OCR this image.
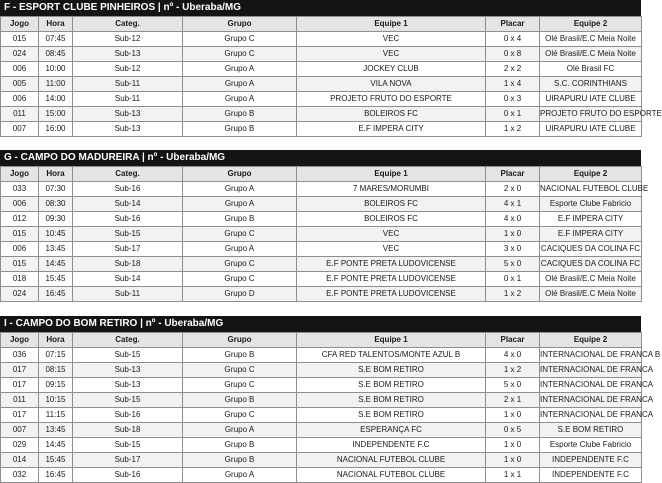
F - ESPORT CLUBE PINHEIROS | nº - Uberaba/MG
Jogo	Hora	Categ.	Grupo	Equipe 1	Placar	Equipe 2
015	07:45	Sub-12	Grupo C	VEC	0 x 4	Olé Brasil/E.C Meia Noite
024	08:45	Sub-13	Grupo C	VEC	0 x 8	Olé Brasil/E.C Meia Noite
006	10:00	Sub-12	Grupo A	JOCKEY CLUB	2 x 2	Olé Brasil FC
005	11:00	Sub-11	Grupo A	VILA NOVA	1 x 4	S.C. CORINTHIANS
006	14:00	Sub-11	Grupo A	PROJETO FRUTO DO ESPORTE	0 x 3	UIRAPURU IATE CLUBE
011	15:00	Sub-13	Grupo B	BOLEIROS FC	0 x 1	PROJETO FRUTO DO ESPORTE
007	16:00	Sub-13	Grupo B	E.F IMPERA CITY	1 x 2	UIRAPURU IATE CLUBE
G - CAMPO DO MADUREIRA | nº - Uberaba/MG
Jogo	Hora	Categ.	Grupo	Equipe 1	Placar	Equipe 2
033	07:30	Sub-16	Grupo A	7 MARES/MORUMBI	2 x 0	NACIONAL FUTEBOL CLUBE
006	08:30	Sub-14	Grupo A	BOLEIROS FC	4 x 1	Esporte Clube Fabricio
012	09:30	Sub-16	Grupo B	BOLEIROS FC	4 x 0	E.F IMPERA CITY
015	10:45	Sub-15	Grupo C	VEC	1 x 0	E.F IMPERA CITY
006	13:45	Sub-17	Grupo A	VEC	3 x 0	CACIQUES DA COLINA FC
015	14:45	Sub-18	Grupo C	E.F PONTE PRETA LUDOVICENSE	5 x 0	CACIQUES DA COLINA FC
018	15:45	Sub-14	Grupo C	E.F PONTE PRETA LUDOVICENSE	0 x 1	Olé Brasil/E.C Meia Noite
024	16:45	Sub-11	Grupo D	E.F PONTE PRETA LUDOVICENSE	1 x 2	Olé Brasil/E.C Meia Noite
I - CAMPO DO BOM RETIRO | nº - Uberaba/MG
Jogo	Hora	Categ.	Grupo	Equipe 1	Placar	Equipe 2
036	07:15	Sub-15	Grupo B	CFA RED TALENTOS/MONTE AZUL B	4 x 0	INTERNACIONAL DE FRANCA B
017	08:15	Sub-13	Grupo C	S.E BOM RETIRO	1 x 2	INTERNACIONAL DE FRANCA
017	09:15	Sub-13	Grupo C	S.E BOM RETIRO	5 x 0	INTERNACIONAL DE FRANCA
011	10:15	Sub-15	Grupo B	S.E BOM RETIRO	2 x 1	INTERNACIONAL DE FRANCA
017	11:15	Sub-16	Grupo C	S.E BOM RETIRO	1 x 0	INTERNACIONAL DE FRANCA
007	13:45	Sub-18	Grupo A	ESPERANÇA FC	0 x 5	S.E BOM RETIRO
029	14:45	Sub-15	Grupo B	INDEPENDENTE F.C	1 x 0	Esporte Clube Fabricio
014	15:45	Sub-17	Grupo B	NACIONAL FUTEBOL CLUBE	1 x 0	INDEPENDENTE F.C
032	16:45	Sub-16	Grupo A	NACIONAL FUTEBOL CLUBE	1 x 1	INDEPENDENTE F.C
